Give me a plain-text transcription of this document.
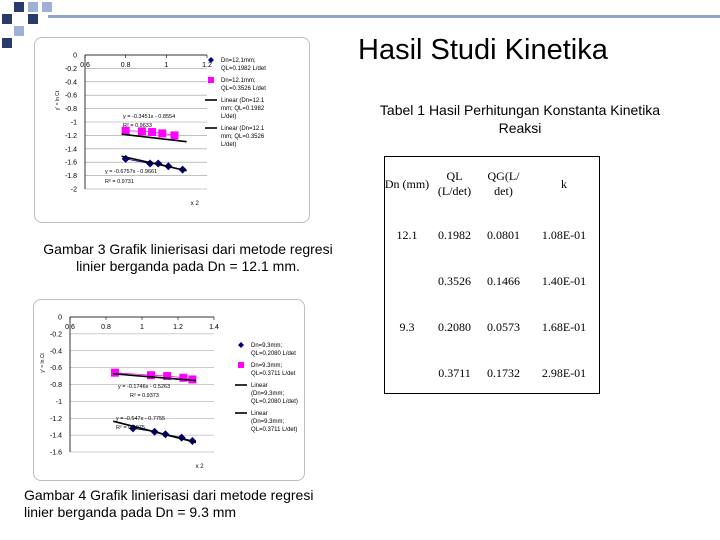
Hasil Studi Kinetika
Tabel 1 Hasil Perhitungan Konstanta Kinetika Reaksi
0
-0.2
-0.4
-0.6
-0.8
-1
-1.2
-1.4
-1.6
-1.8
-2
0.6	0.8	1	1.2
x 2
y' = ln Ct
y = -0.3451x - 0.8554
R² = 0.9633
y = -0.6757x - 0.9661
R² = 0.9731
Dn=12.1mm;
QL=0.1982 L/det
Dn=12.1mm;
QL=0.3526 L/det
Linear (Dn=12.1
mm; QL=0.1982
L/det)
Linear (Dn=12.1
mm; QL=0.3526
L/det)
Gambar 3 Grafik linierisasi dari metode regresi linier berganda pada Dn = 12.1 mm.
0
-0.2
-0.4
-0.6
-0.8
-1
-1.2
-1.4
-1.6
0.6	0.8	1	1.2	1.4
x 2
y' = ln Ct
y = -0.1746x - 0.5263
R² = 0.9373
y = -0.547x - 0.7755
R² = 0.9975
Dn=9.3mm;
QL=0.2080 L/det
Dn=9.3mm;
QL=0.3711 L/det
Linear
(Dn=9.3mm;
QL=0.2080 L/det)
Linear
(Dn=9.3mm;
QL=0.3711 L/det)
Gambar 4 Grafik linierisasi dari metode regresi linier berganda pada Dn = 9.3 mm
Dn (mm)	QL (L/det)	QG(L/ det)	k
12.1	0.1982	0.0801	1.08E-01
	0.3526	0.1466	1.40E-01
9.3	0.2080	0.0573	1.68E-01
	0.3711	0.1732	2.98E-01
